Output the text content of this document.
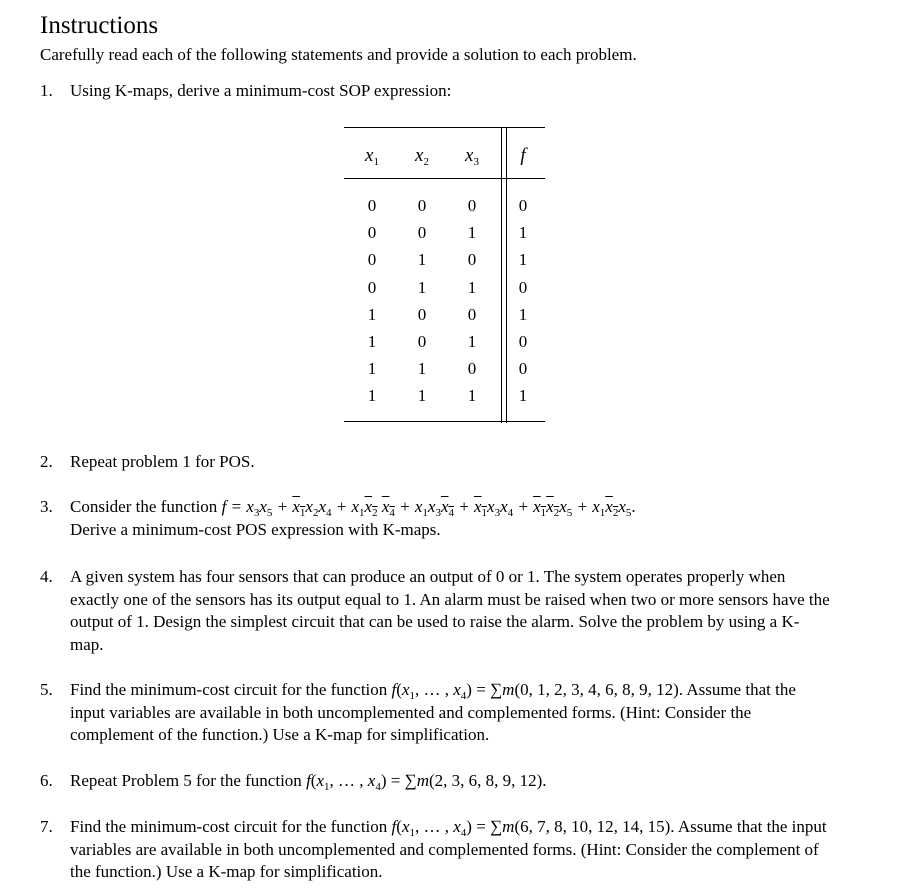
Instructions
Carefully read each of the following statements and provide a solution to each problem.
1.	Using K-maps, derive a minimum-cost SOP expression:

$x_1$	$x_2$	$x_3$	f
0	0	0	0
0	0	1	1
0	1	0	1
0	1	1	0
1	0	0	1
1	0	1	0
1	1	0	0
1	1	1	1
2.	Repeat problem 1 for POS.

3.	Consider the function $f = x_3x_5 + x_1x_2x_4 + x_1x_2$ $x_4 + x_1x_3x_4 + x_1x_3x_4 + x_1x_2x_5 + x_1x_2x_5$.

Derive a minimum-cost POS expression with K-maps.

4.	A given system has four sensors that can produce an output of 0 or 1. The system operates properly when exactly one of the sensors has its output equal to 1. An alarm must be raised when two or more sensors have the output of 1. Design the simplest circuit that can be used to raise the alarm. Solve the problem by using a K-map.

5.	Find the minimum-cost circuit for the function $f(x_1$, … , $x_4) = \sum m(0$, 1, 2, 3, 4, 6, 8, 9, 12). Assume that the input variables are available in both uncomplemented and complemented forms. (Hint: Consider the complement of the function.) Use a K-map for simplification.

6.	Repeat Problem 5 for the function $f(x_1$, … , $x_4) = \sum m(2$, 3, 6, 8, 9, 12).

7.	Find the minimum-cost circuit for the function $f(x_1$, … , $x_4) = \sum m(6$, 7, 8, 10, 12, 14, 15). Assume that the input variables are available in both uncomplemented and complemented forms. (Hint: Consider the complement of the function.) Use a K-map for simplification.
